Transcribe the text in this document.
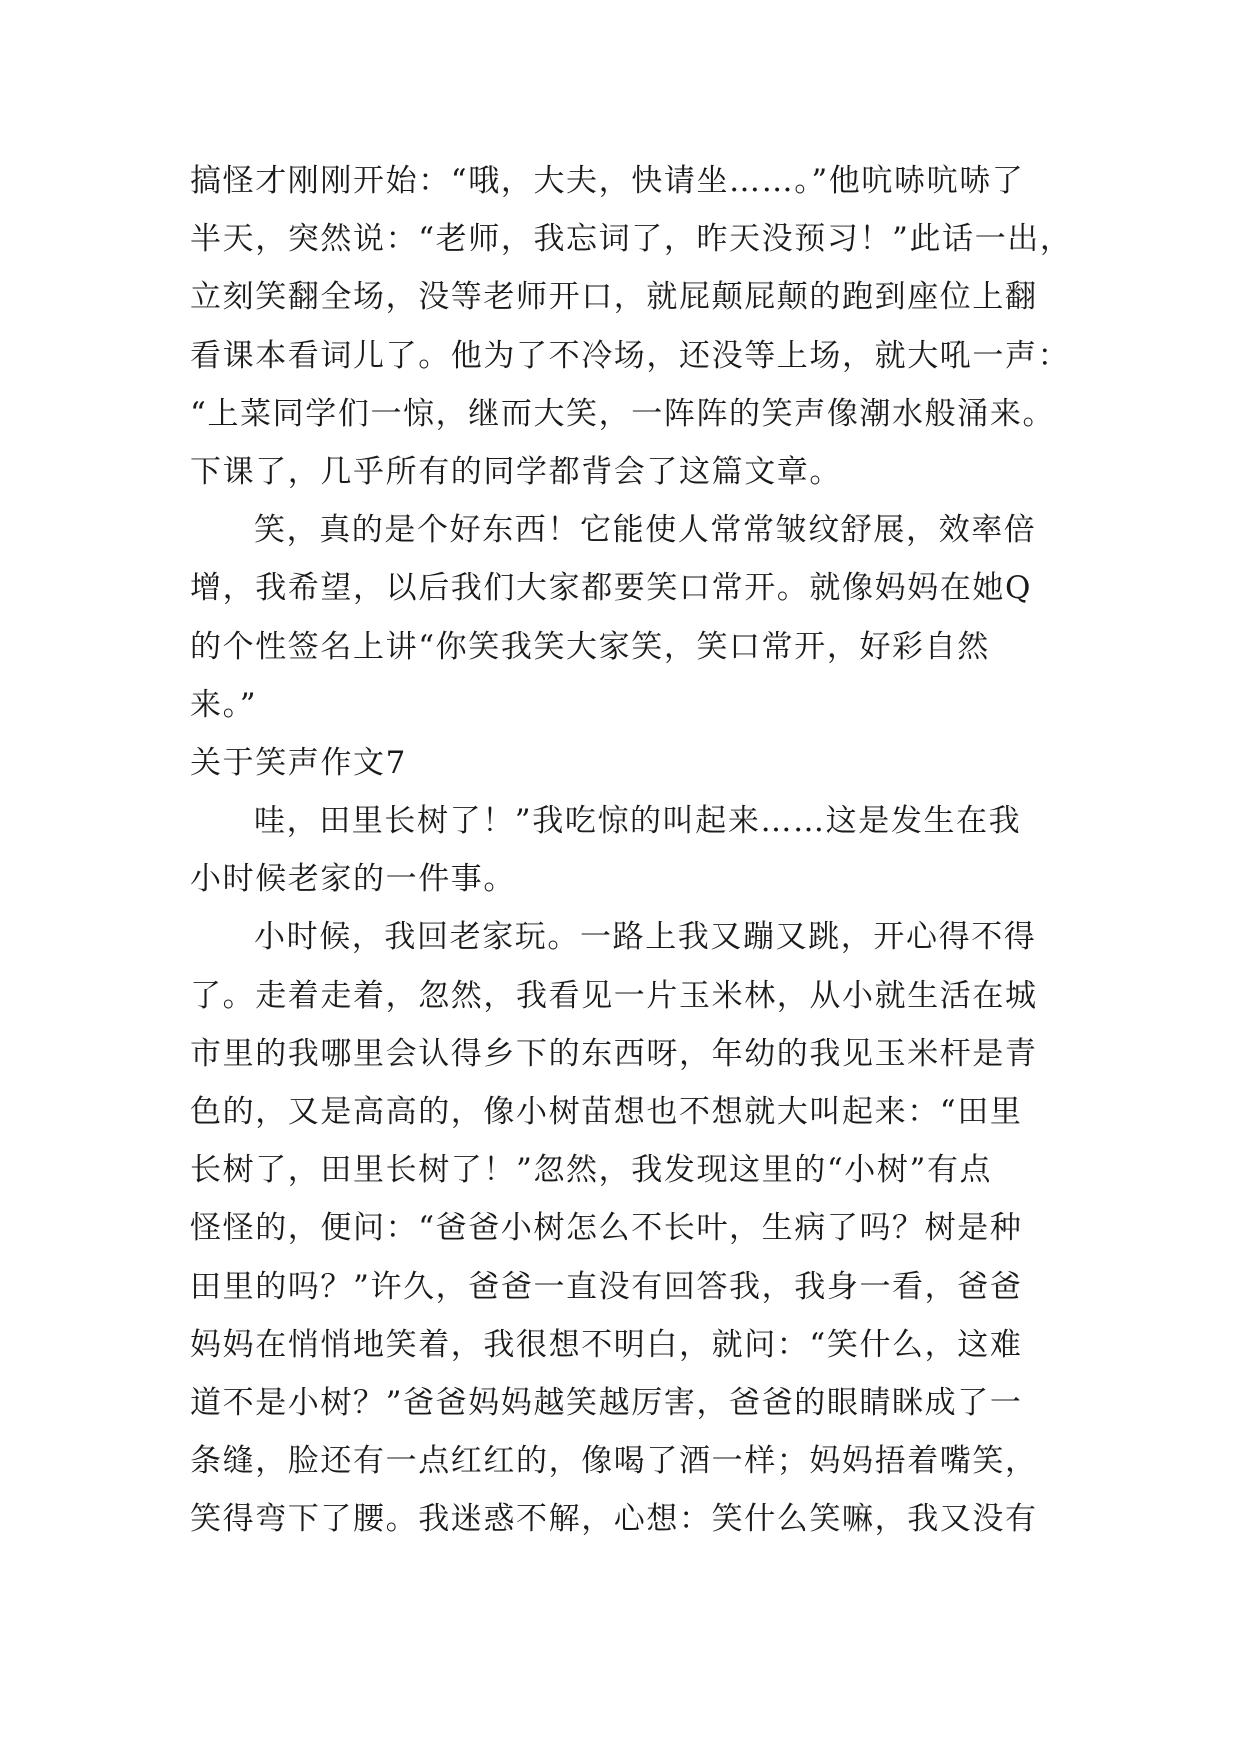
搞怪才刚刚开始：“哦，大夫，快请坐……。”他吭哧吭哧了
半天，突然说：“老师，我忘词了，昨天没预习！”此话一出，
立刻笑翻全场，没等老师开口，就屁颠屁颠的跑到座位上翻
看课本看词儿了。他为了不冷场，还没等上场，就大吼一声：
“上菜同学们一惊，继而大笑，一阵阵的笑声像潮水般涌来。
下课了，几乎所有的同学都背会了这篇文章。
笑，真的是个好东西！它能使人常常皱纹舒展，效率倍
增，我希望，以后我们大家都要笑口常开。就像妈妈在她Q
的个性签名上讲“你笑我笑大家笑，笑口常开，好彩自然
来。”
关于笑声作文7
哇，田里长树了！”我吃惊的叫起来……这是发生在我
小时候老家的一件事。
小时候，我回老家玩。一路上我又蹦又跳，开心得不得
了。走着走着，忽然，我看见一片玉米林，从小就生活在城
市里的我哪里会认得乡下的东西呀，年幼的我见玉米杆是青
色的，又是高高的，像小树苗想也不想就大叫起来：“田里
长树了，田里长树了！”忽然，我发现这里的“小树”有点
怪怪的，便问：“爸爸小树怎么不长叶，生病了吗？树是种
田里的吗？”许久，爸爸一直没有回答我，我身一看，爸爸
妈妈在悄悄地笑着，我很想不明白，就问：“笑什么，这难
道不是小树？”爸爸妈妈越笑越厉害，爸爸的眼睛眯成了一
条缝，脸还有一点红红的，像喝了酒一样；妈妈捂着嘴笑，
笑得弯下了腰。我迷惑不解，心想：笑什么笑嘛，我又没有
